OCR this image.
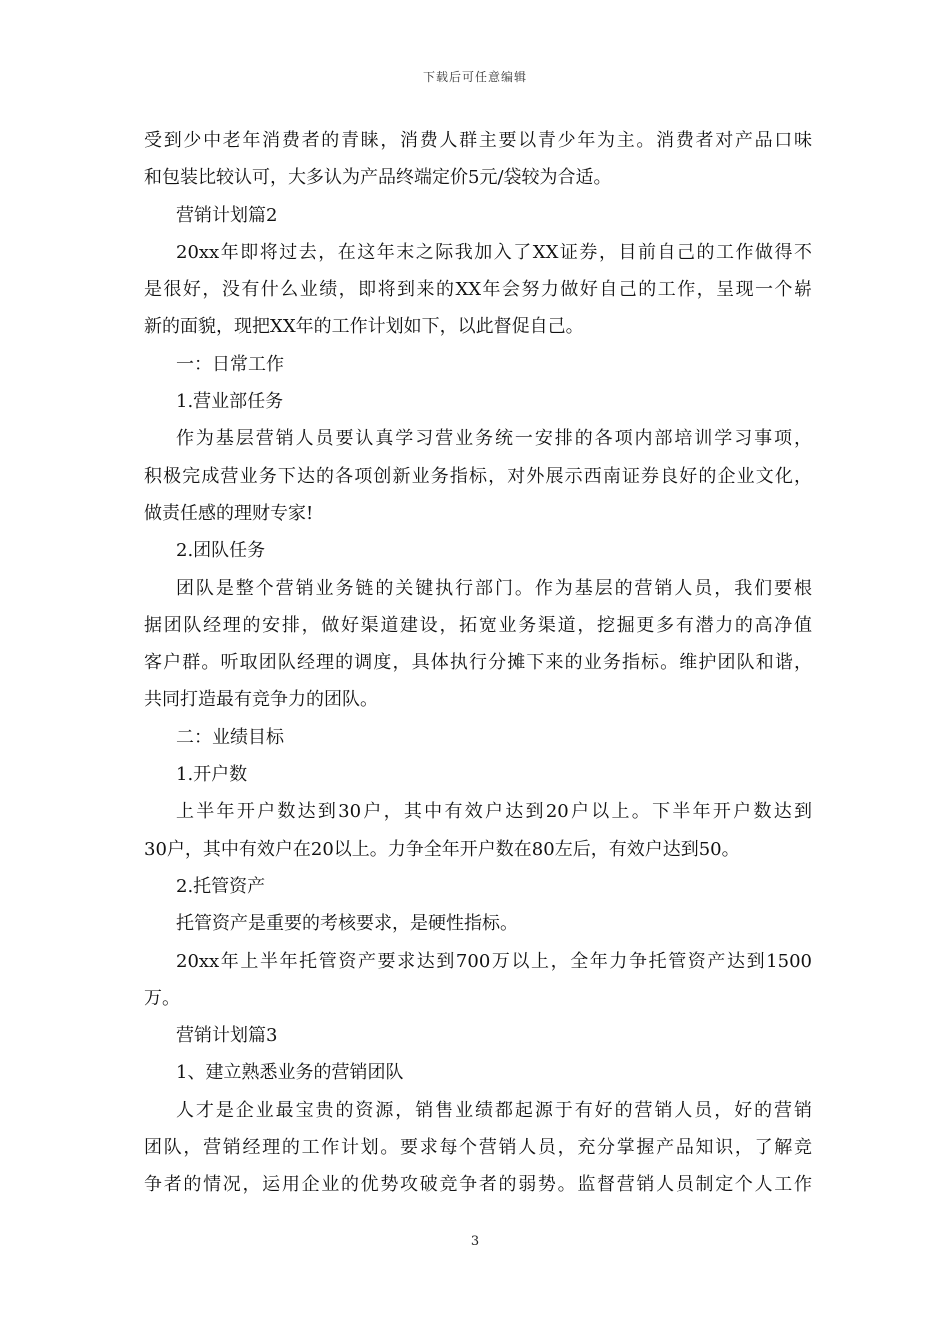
下载后可任意编辑
受到少中老年消费者的青睐，消费人群主要以青少年为主。消费者对产品口味
和包装比较认可，大多认为产品终端定价5元/袋较为合适。
营销计划篇2
20xx年即将过去，在这年末之际我加入了XX证券，目前自己的工作做得不
是很好，没有什么业绩，即将到来的XX年会努力做好自己的工作，呈现一个崭
新的面貌，现把XX年的工作计划如下，以此督促自己。
一：日常工作
1.营业部任务
作为基层营销人员要认真学习营业务统一安排的各项内部培训学习事项，
积极完成营业务下达的各项创新业务指标，对外展示西南证券良好的企业文化，
做责任感的理财专家!
2.团队任务
团队是整个营销业务链的关键执行部门。作为基层的营销人员，我们要根
据团队经理的安排，做好渠道建设，拓宽业务渠道，挖掘更多有潜力的高净值
客户群。听取团队经理的调度，具体执行分摊下来的业务指标。维护团队和谐，
共同打造最有竞争力的团队。
二：业绩目标
1.开户数
上半年开户数达到30户，其中有效户达到20户以上。下半年开户数达到
30户，其中有效户在20以上。力争全年开户数在80左后，有效户达到50。
2.托管资产
托管资产是重要的考核要求，是硬性指标。
20xx年上半年托管资产要求达到700万以上，全年力争托管资产达到1500
万。
营销计划篇3
1、建立熟悉业务的营销团队
人才是企业最宝贵的资源，销售业绩都起源于有好的营销人员，好的营销
团队，营销经理的工作计划。要求每个营销人员，充分掌握产品知识，了解竞
争者的情况，运用企业的优势攻破竞争者的弱势。监督营销人员制定个人工作
3
